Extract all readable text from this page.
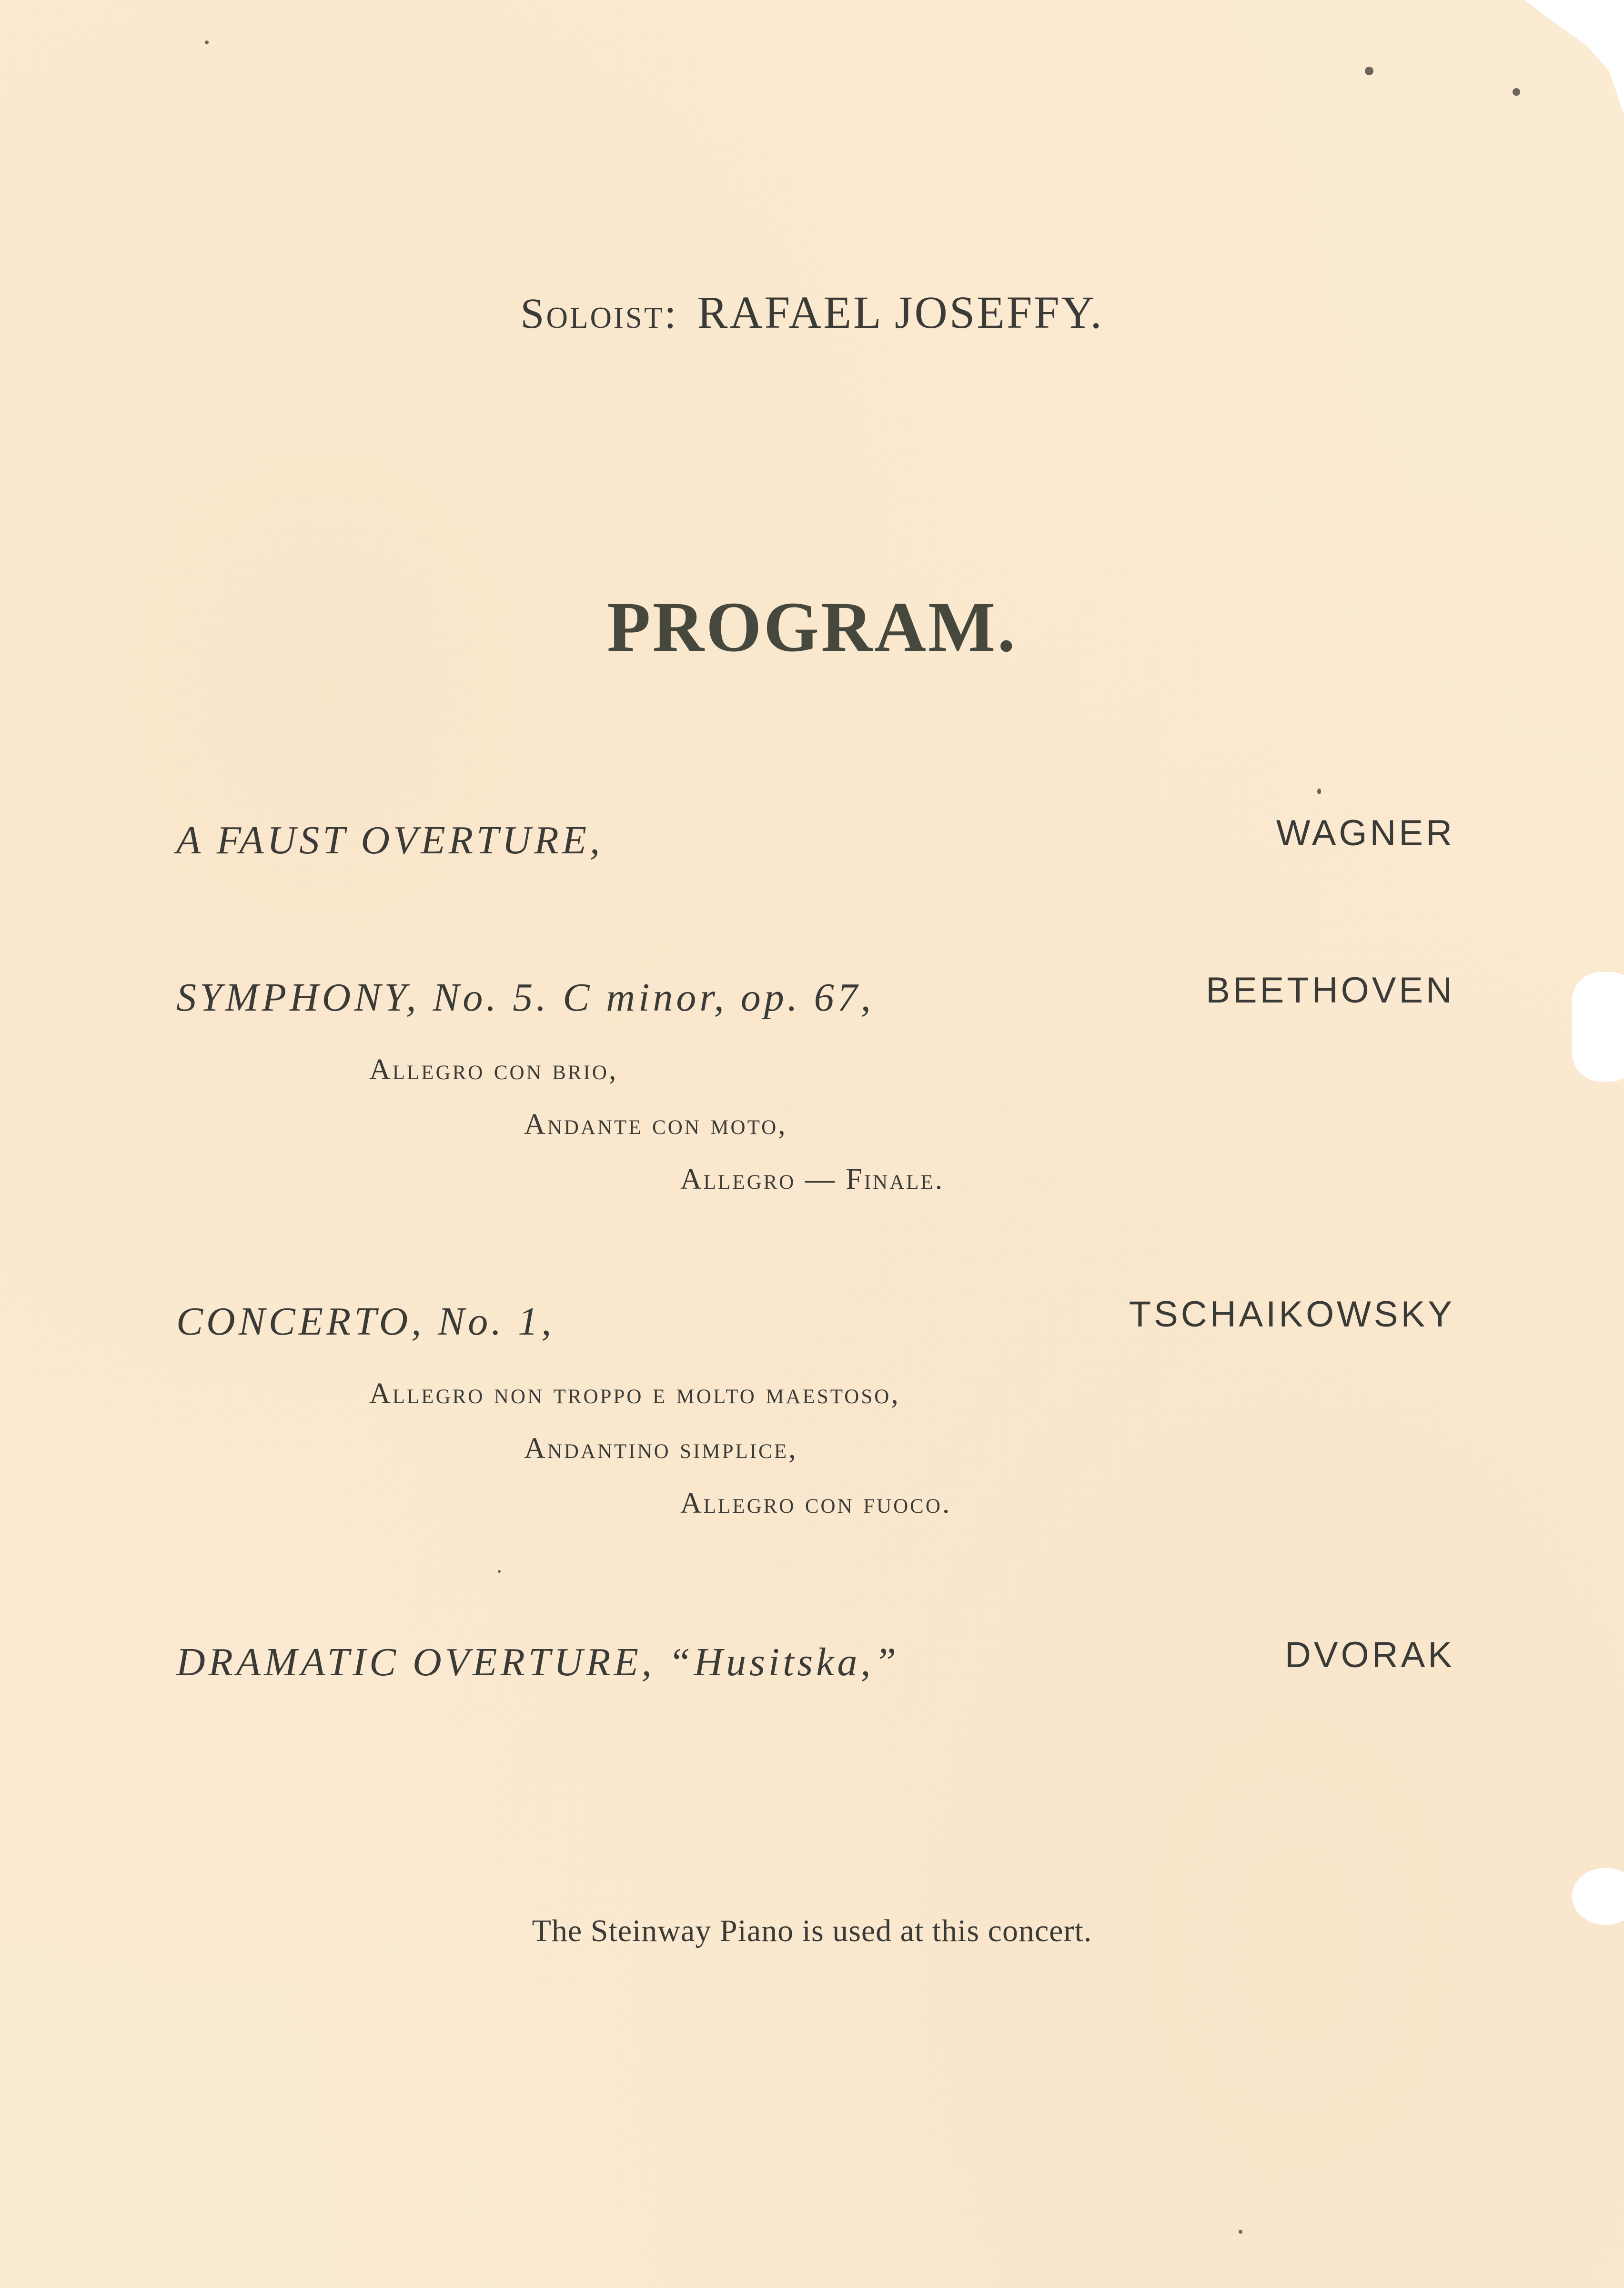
Soloist: RAFAEL JOSEFFY.
PROGRAM.
A FAUST OVERTURE,	WAGNER
SYMPHONY, No. 5. C minor, op. 67,	BEETHOVEN
Allegro con brio,
Andante con moto,
Allegro — Finale.
CONCERTO, No. 1,	TSCHAIKOWSKY
Allegro non troppo e molto maestoso,
Andantino simplice,
Allegro con fuoco.
DRAMATIC OVERTURE, “Husitska,”	DVORAK
The Steinway Piano is used at this concert.
